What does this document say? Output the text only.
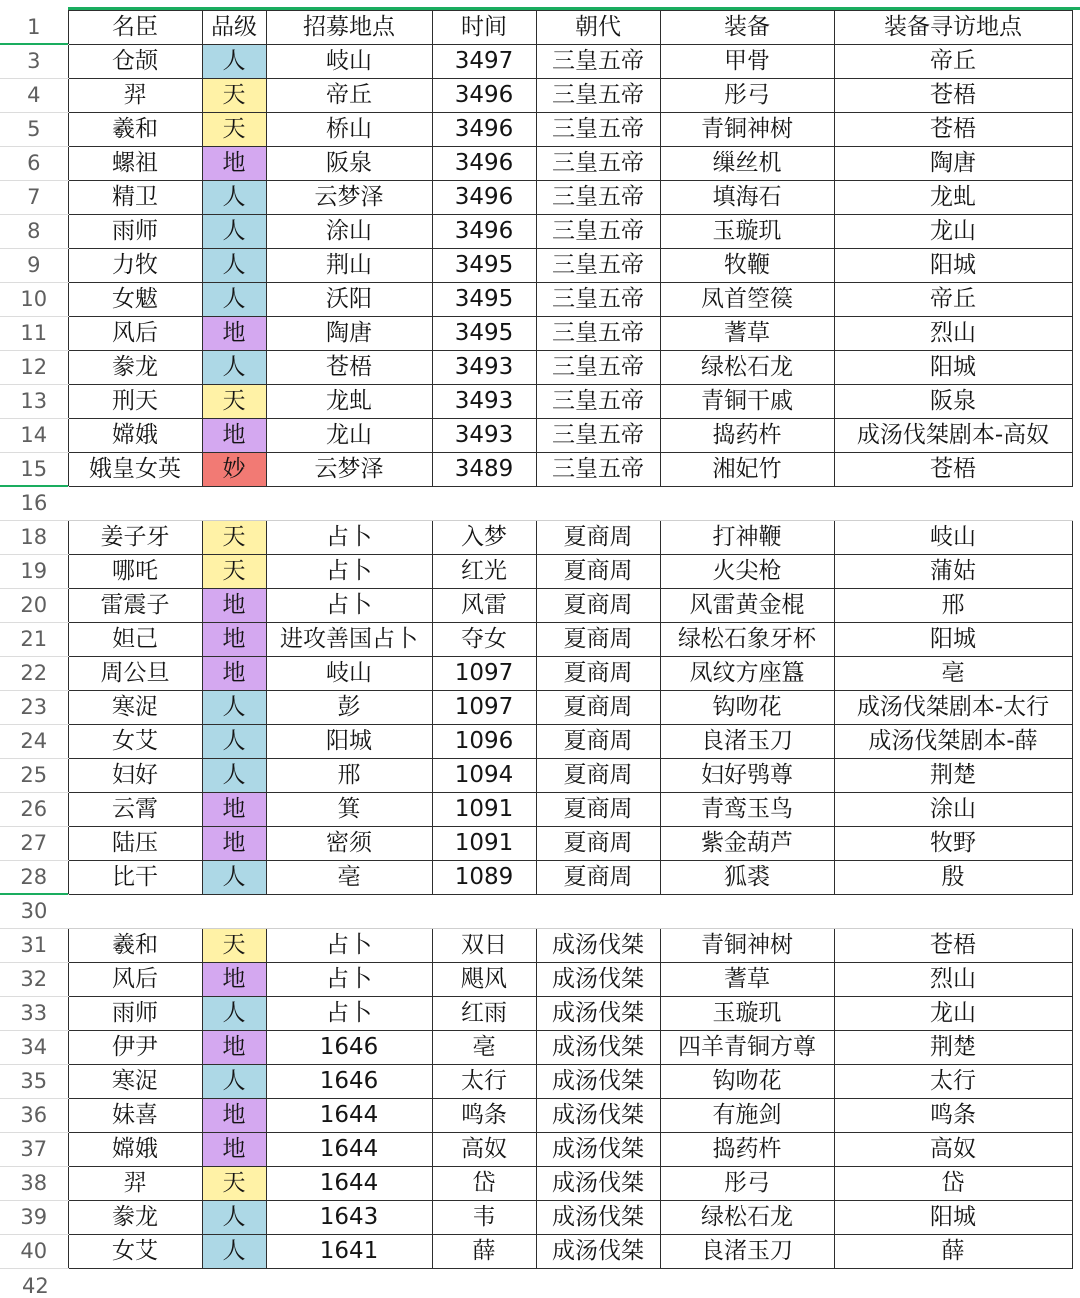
1	名臣	品级	招募地点	时间	朝代	装备	装备寻访地点
3	仓颉	人	岐山	3497	三皇五帝	甲骨	帝丘
4	羿	天	帝丘	3496	三皇五帝	彤弓	苍梧
5	羲和	天	桥山	3496	三皇五帝	青铜神树	苍梧
6	螺祖	地	阪泉	3496	三皇五帝	缫丝机	陶唐
7	精卫	人	云梦泽	3496	三皇五帝	填海石	龙虬
8	雨师	人	涂山	3496	三皇五帝	玉璇玑	龙山
9	力牧	人	荆山	3495	三皇五帝	牧鞭	阳城
10	女魃	人	沃阳	3495	三皇五帝	凤首箜篌	帝丘
11	风后	地	陶唐	3495	三皇五帝	蓍草	烈山
12	豢龙	人	苍梧	3493	三皇五帝	绿松石龙	阳城
13	刑天	天	龙虬	3493	三皇五帝	青铜干戚	阪泉
14	嫦娥	地	龙山	3493	三皇五帝	捣药杵	成汤伐桀剧本-高奴
15	娥皇女英	妙	云梦泽	3489	三皇五帝	湘妃竹	苍梧
16							
18	姜子牙	天	占卜	入梦	夏商周	打神鞭	岐山
19	哪吒	天	占卜	红光	夏商周	火尖枪	蒲姑
20	雷震子	地	占卜	风雷	夏商周	风雷黄金棍	邢
21	妲己	地	进攻善国占卜	夺女	夏商周	绿松石象牙杯	阳城
22	周公旦	地	岐山	1097	夏商周	凤纹方座簋	亳
23	寒浞	人	彭	1097	夏商周	钩吻花	成汤伐桀剧本-太行
24	女艾	人	阳城	1096	夏商周	良渚玉刀	成汤伐桀剧本-薛
25	妇好	人	邢	1094	夏商周	妇好鸮尊	荆楚
26	云霄	地	箕	1091	夏商周	青鸾玉鸟	涂山
27	陆压	地	密须	1091	夏商周	紫金葫芦	牧野
28	比干	人	亳	1089	夏商周	狐裘	殷
30							
31	羲和	天	占卜	双日	成汤伐桀	青铜神树	苍梧
32	风后	地	占卜	飓风	成汤伐桀	蓍草	烈山
33	雨师	人	占卜	红雨	成汤伐桀	玉璇玑	龙山
34	伊尹	地	1646	亳	成汤伐桀	四羊青铜方尊	荆楚
35	寒浞	人	1646	太行	成汤伐桀	钩吻花	太行
36	妹喜	地	1644	鸣条	成汤伐桀	有施剑	鸣条
37	嫦娥	地	1644	高奴	成汤伐桀	捣药杵	高奴
38	羿	天	1644	岱	成汤伐桀	彤弓	岱
39	豢龙	人	1643	韦	成汤伐桀	绿松石龙	阳城
40	女艾	人	1641	薛	成汤伐桀	良渚玉刀	薛
42
